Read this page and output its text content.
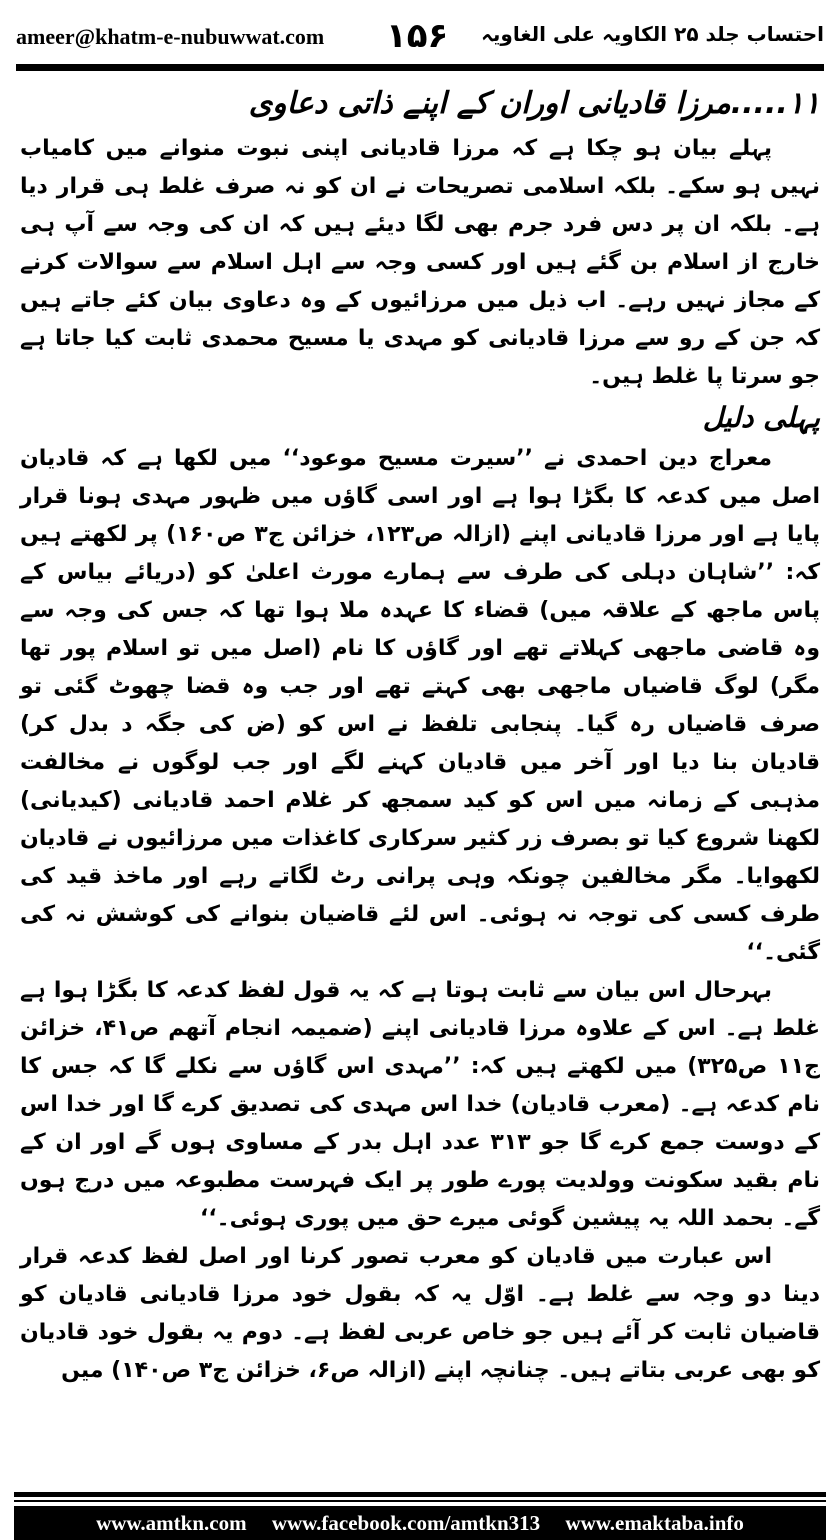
ameer@khatm-e-nubuwwat.com ۱۵۶ احتساب جلد ۲۵ الکاویہ علی الغاویہ

١١.....مرزا قادیانی اوران کے اپنے ذاتی دعاوی

پہلے بیان ہو چکا ہے کہ مرزا قادیانی اپنی نبوت منوانے میں کامیاب نہیں ہو سکے۔ بلکہ اسلامی تصریحات نے ان کو نہ صرف غلط ہی قرار دیا ہے۔ بلکہ ان پر دس فرد جرم بھی لگا دیئے ہیں کہ ان کی وجہ سے آپ ہی خارج از اسلام بن گئے ہیں اور کسی وجہ سے اہل اسلام سے سوالات کرنے کے مجاز نہیں رہے۔ اب ذیل میں مرزائیوں کے وہ دعاوی بیان کئے جاتے ہیں کہ جن کے رو سے مرزا قادیانی کو مہدی یا مسیح محمدی ثابت کیا جاتا ہے جو سرتا پا غلط ہیں۔

پہلی دلیل

معراج دین احمدی نے ’’سیرت مسیح موعود‘‘ میں لکھا ہے کہ قادیان اصل میں کدعہ کا بگڑا ہوا ہے اور اسی گاؤں میں ظہور مہدی ہونا قرار پایا ہے اور مرزا قادیانی اپنے (ازالہ ص۱۲۳، خزائن ج۳ ص۱۶۰) پر لکھتے ہیں کہ: ’’شاہان دہلی کی طرف سے ہمارے مورث اعلیٰ کو (دریائے بیاس کے پاس ماجھ کے علاقہ میں) قضاء کا عہدہ ملا ہوا تھا کہ جس کی وجہ سے وہ قاضی ماجھی کہلاتے تھے اور گاؤں کا نام (اصل میں تو اسلام پور تھا مگر) لوگ قاضیاں ماجھی بھی کہتے تھے اور جب وہ قضا چھوٹ گئی تو صرف قاضیاں رہ گیا۔ پنجابی تلفظ نے اس کو (ض کی جگہ د بدل کر) قادیان بنا دیا اور آخر میں قادیان کہنے لگے اور جب لوگوں نے مخالفت مذہبی کے زمانہ میں اس کو کید سمجھ کر غلام احمد قادیانی (کیدیانی) لکھنا شروع کیا تو بصرف زر کثیر سرکاری کاغذات میں مرزائیوں نے قادیان لکھوایا۔ مگر مخالفین چونکہ وہی پرانی رٹ لگاتے رہے اور ماخذ قید کی طرف کسی کی توجہ نہ ہوئی۔ اس لئے قاضیان بنوانے کی کوشش نہ کی گئی۔‘‘

بہرحال اس بیان سے ثابت ہوتا ہے کہ یہ قول لفظ کدعہ کا بگڑا ہوا ہے غلط ہے۔ اس کے علاوہ مرزا قادیانی اپنے (ضمیمہ انجام آتھم ص۴۱، خزائن ج۱۱ ص۳۲۵) میں لکھتے ہیں کہ: ’’مہدی اس گاؤں سے نکلے گا کہ جس کا نام کدعہ ہے۔ (معرب قادیان) خدا اس مہدی کی تصدیق کرے گا اور خدا اس کے دوست جمع کرے گا جو ۳۱۳ عدد اہل بدر کے مساوی ہوں گے اور ان کے نام بقید سکونت وولدیت پورے طور پر ایک فہرست مطبوعہ میں درج ہوں گے۔ بحمد اللہ یہ پیشین گوئی میرے حق میں پوری ہوئی۔‘‘

اس عبارت میں قادیان کو معرب تصور کرنا اور اصل لفظ کدعہ قرار دینا دو وجہ سے غلط ہے۔ اوّل یہ کہ بقول خود مرزا قادیانی قادیان کو قاضیان ثابت کر آئے ہیں جو خاص عربی لفظ ہے۔ دوم یہ بقول خود قادیان کو بھی عربی بتاتے ہیں۔ چنانچہ اپنے (ازالہ ص۶، خزائن ج۳ ص۱۴۰) میں

www.amtkn.com www.facebook.com/amtkn313 www.emaktaba.info
